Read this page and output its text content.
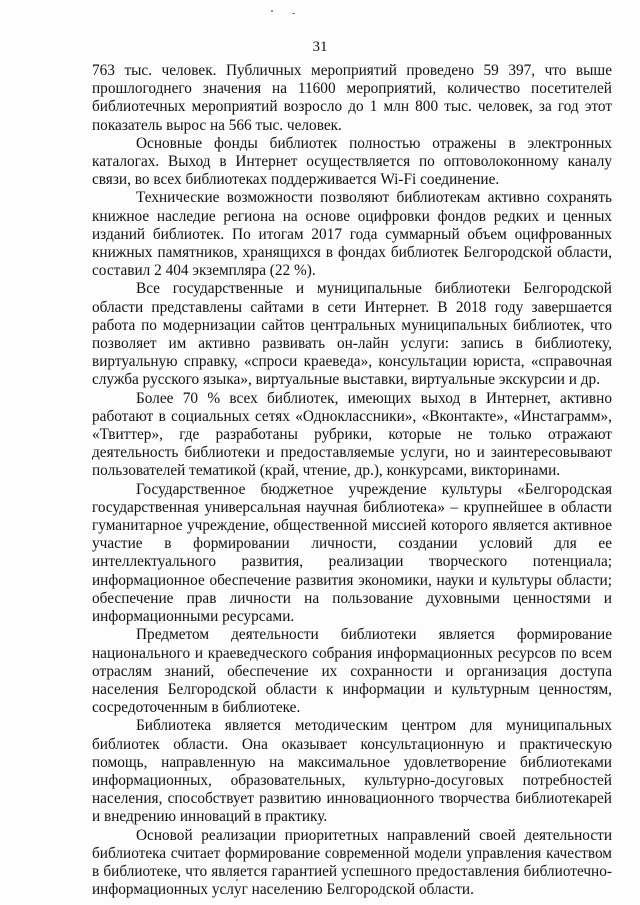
31

763 тыс. человек. Публичных мероприятий проведено 59 397, что выше прошлогоднего значения на 11600 мероприятий, количество посетителей библиотечных мероприятий возросло до 1 млн 800 тыс. человек, за год этот показатель вырос на 566 тыс. человек.

Основные фонды библиотек полностью отражены в электронных каталогах. Выход в Интернет осуществляется по оптоволоконному каналу связи, во всех библиотеках поддерживается Wi-Fi соединение.

Технические возможности позволяют библиотекам активно сохранять книжное наследие региона на основе оцифровки фондов редких и ценных изданий библиотек. По итогам 2017 года суммарный объем оцифрованных книжных памятников, хранящихся в фондах библиотек Белгородской области, составил 2 404 экземпляра (22 %).

Все государственные и муниципальные библиотеки Белгородской области представлены сайтами в сети Интернет. В 2018 году завершается работа по модернизации сайтов центральных муниципальных библиотек, что позволяет им активно развивать он-лайн услуги: запись в библиотеку, виртуальную справку, «спроси краеведа», консультации юриста, «справочная служба русского языка», виртуальные выставки, виртуальные экскурсии и др.

Более 70 % всех библиотек, имеющих выход в Интернет, активно работают в социальных сетях «Одноклассники», «Вконтакте», «Инстаграмм», «Твиттер», где разработаны рубрики, которые не только отражают деятельность библиотеки и предоставляемые услуги, но и заинтересовывают пользователей тематикой (край, чтение, др.), конкурсами, викторинами.

Государственное бюджетное учреждение культуры «Белгородская государственная универсальная научная библиотека» – крупнейшее в области гуманитарное учреждение, общественной миссией которого является активное участие в формировании личности, создании условий для ее интеллектуального развития, реализации творческого потенциала; информационное обеспечение развития экономики, науки и культуры области; обеспечение прав личности на пользование духовными ценностями и информационными ресурсами.

Предметом деятельности библиотеки является формирование национального и краеведческого собрания информационных ресурсов по всем отраслям знаний, обеспечение их сохранности и организация доступа населения Белгородской области к информации и культурным ценностям, сосредоточенным в библиотеке.

Библиотека является методическим центром для муниципальных библиотек области. Она оказывает консультационную и практическую помощь, направленную на максимальное удовлетворение библиотеками информационных, образовательных, культурно-досуговых потребностей населения, способствует развитию инновационного творчества библиотекарей и внедрению инноваций в практику.

Основой реализации приоритетных направлений своей деятельности библиотека считает формирование современной модели управления качеством в библиотеке, что является гарантией успешного предоставления библиотечно-информационных услуг населению Белгородской области.
